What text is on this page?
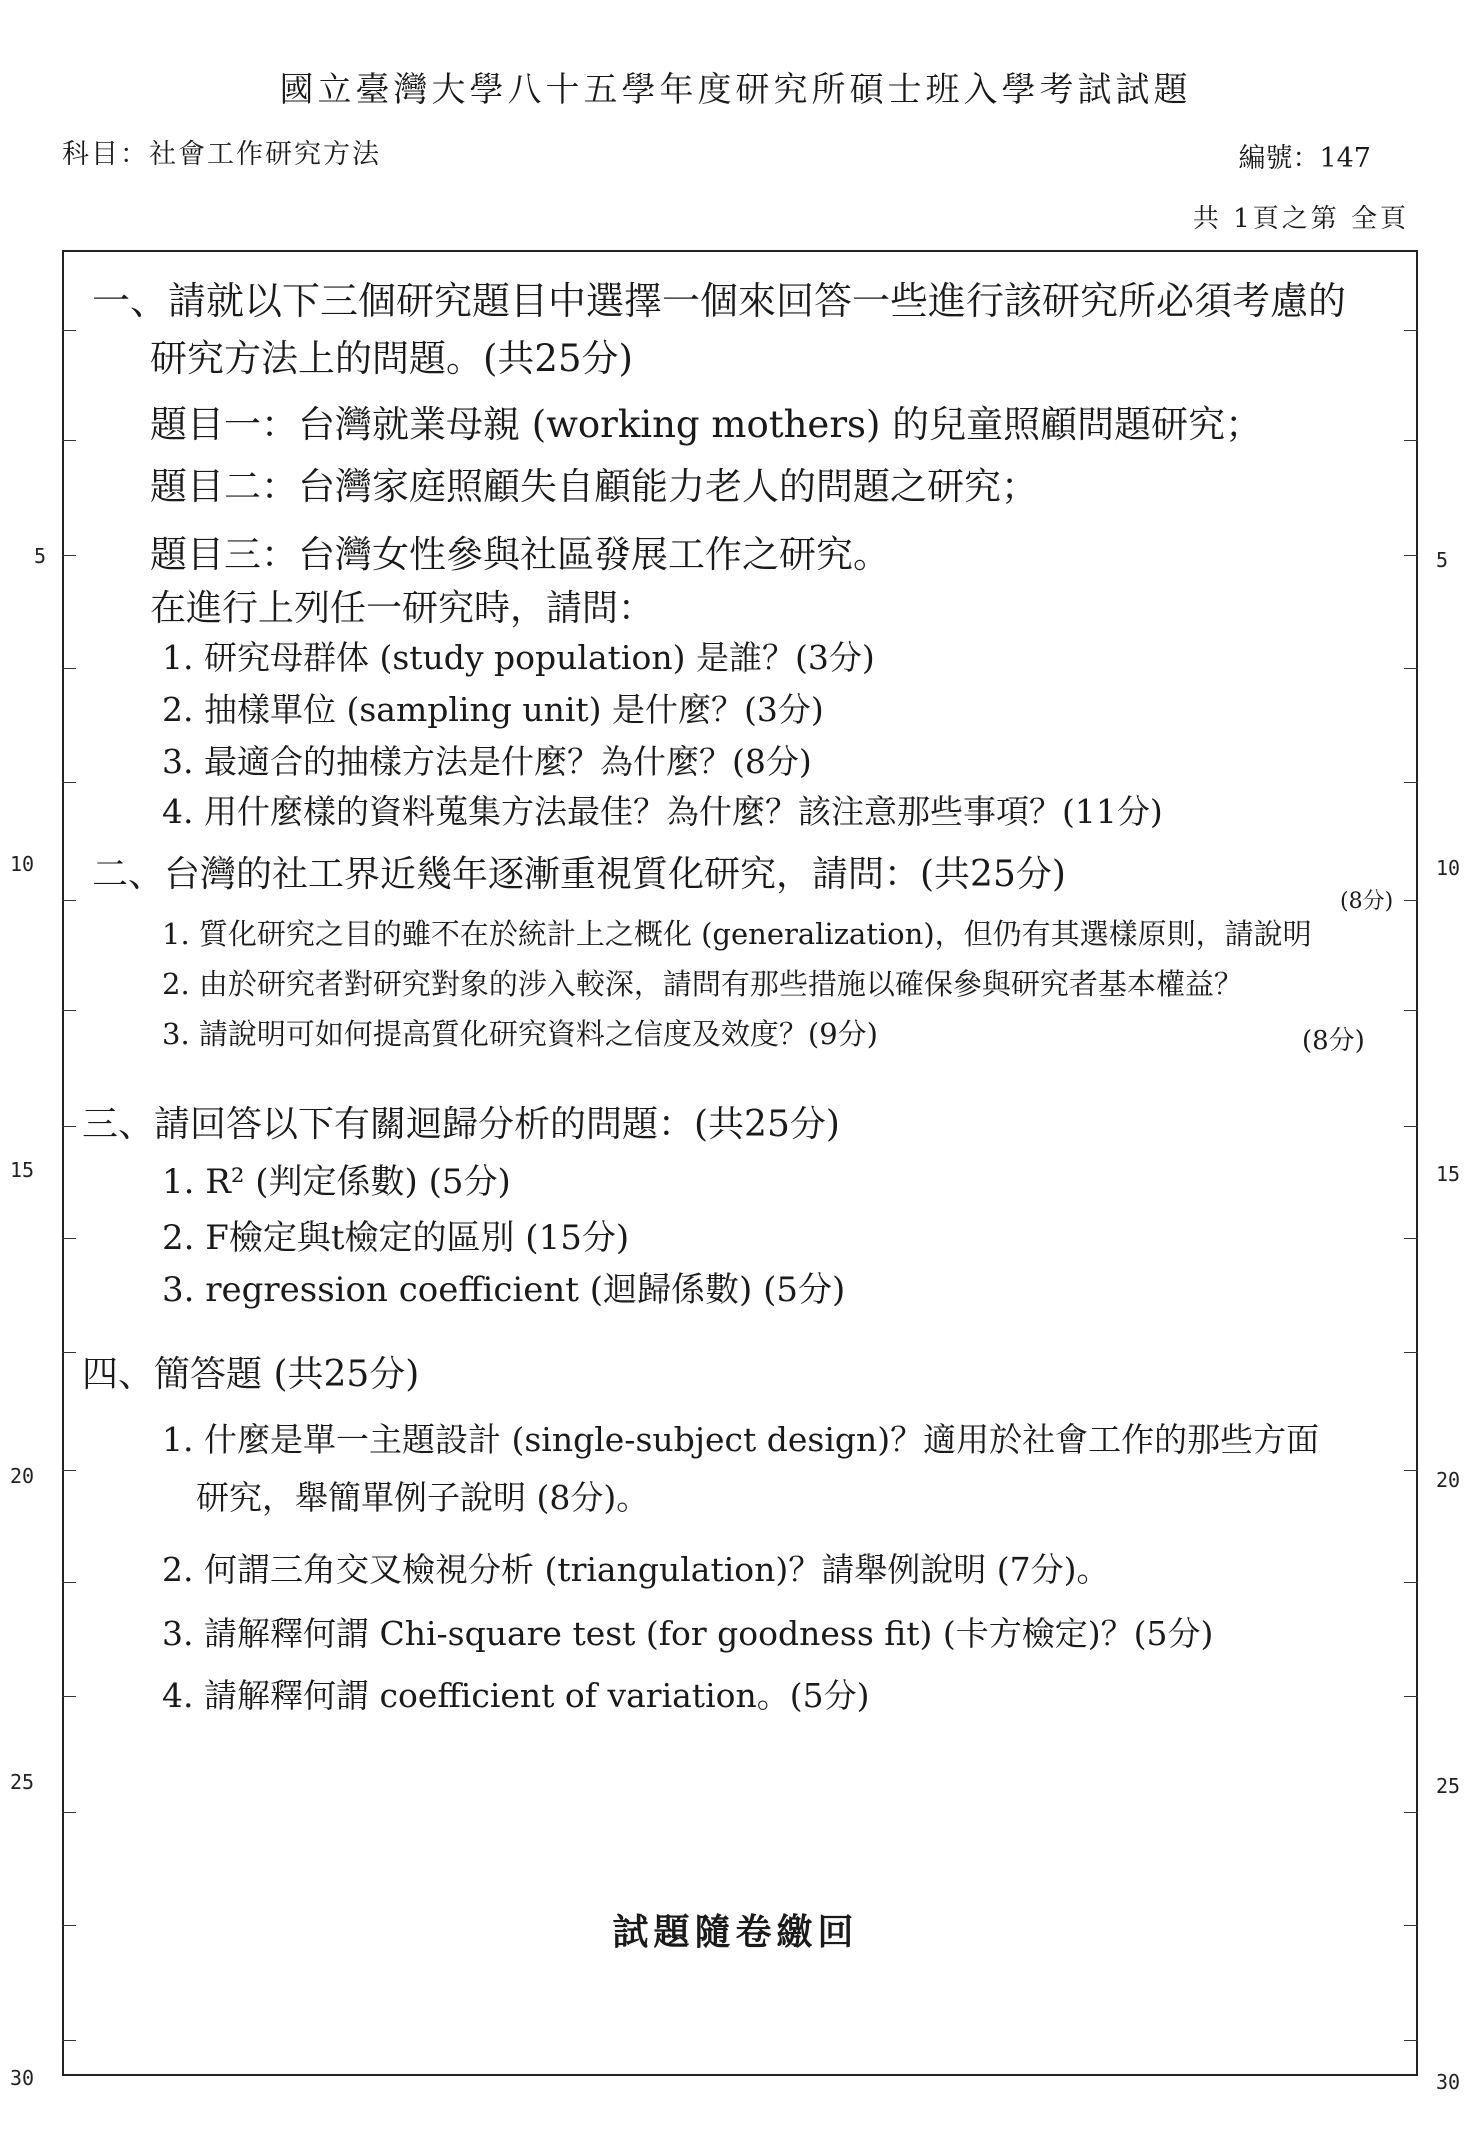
國立臺灣大學八十五學年度研究所碩士班入學考試試題
科目：社會工作研究方法	編號：147
共 1頁之第 全頁
5
10
15
20
25
30
5
10
15
20
25
30
一、請就以下三個研究題目中選擇一個來回答一些進行該研究所必須考慮的
研究方法上的問題。(共25分)
題目一：台灣就業母親 (working mothers) 的兒童照顧問題研究；
題目二：台灣家庭照顧失自顧能力老人的問題之研究；
題目三：台灣女性參與社區發展工作之研究。
在進行上列任一研究時，請問：
1. 研究母群体 (study population) 是誰？(3分)
2. 抽樣單位 (sampling unit) 是什麼？(3分)
3. 最適合的抽樣方法是什麼？為什麼？(8分)
4. 用什麼樣的資料蒐集方法最佳？為什麼？該注意那些事項？(11分)
二、台灣的社工界近幾年逐漸重視質化研究，請問：(共25分)
(8分)
1. 質化研究之目的雖不在於統計上之概化 (generalization)，但仍有其選樣原則，請說明
2. 由於研究者對研究對象的涉入較深，請問有那些措施以確保參與研究者基本權益？
3. 請說明可如何提高質化研究資料之信度及效度？(9分)	(8分)
三、請回答以下有關迴歸分析的問題：(共25分)
1. R² (判定係數) (5分)
2. F檢定與t檢定的區別 (15分)
3. regression coefficient (迴歸係數) (5分)
四、簡答題 (共25分)
1. 什麼是單一主題設計 (single-subject design)？適用於社會工作的那些方面
研究，舉簡單例子說明 (8分)。
2. 何謂三角交叉檢視分析 (triangulation)？請舉例說明 (7分)。
3. 請解釋何謂 Chi-square test (for goodness fit) (卡方檢定)？(5分)
4. 請解釋何謂 coefficient of variation。(5分)
試題隨卷繳回
